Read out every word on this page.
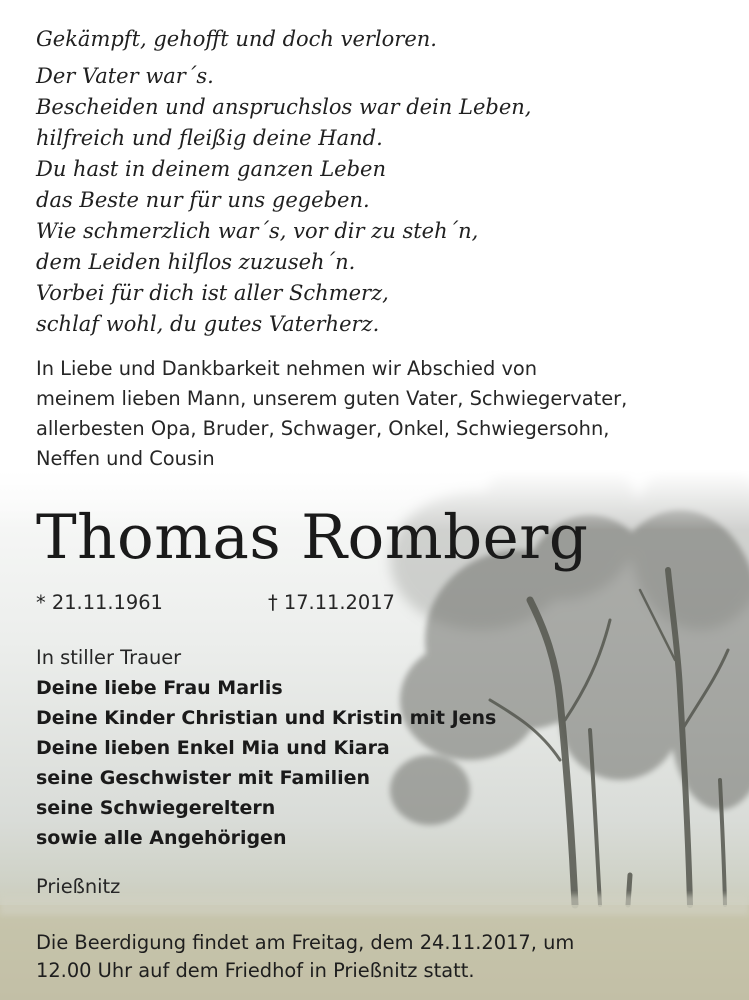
Gekämpft, gehofft und doch verloren.
Der Vater war´s.
Bescheiden und anspruchslos war dein Leben,
hilfreich und fleißig deine Hand.
Du hast in deinem ganzen Leben
das Beste nur für uns gegeben.
Wie schmerzlich war´s, vor dir zu steh´n,
dem Leiden hilflos zuzuseh´n.
Vorbei für dich ist aller Schmerz,
schlaf wohl, du gutes Vaterherz.
In Liebe und Dankbarkeit nehmen wir Abschied von
meinem lieben Mann, unserem guten Vater, Schwiegervater,
allerbesten Opa, Bruder, Schwager, Onkel, Schwiegersohn,
Neffen und Cousin
Thomas Romberg
* 21.11.1961	† 17.11.2017
In stiller Trauer
Deine liebe Frau Marlis
Deine Kinder Christian und Kristin mit Jens
Deine lieben Enkel Mia und Kiara
seine Geschwister mit Familien
seine Schwiegereltern
sowie alle Angehörigen
Prießnitz
Die Beerdigung findet am Freitag, dem 24.11.2017, um
12.00 Uhr auf dem Friedhof in Prießnitz statt.
